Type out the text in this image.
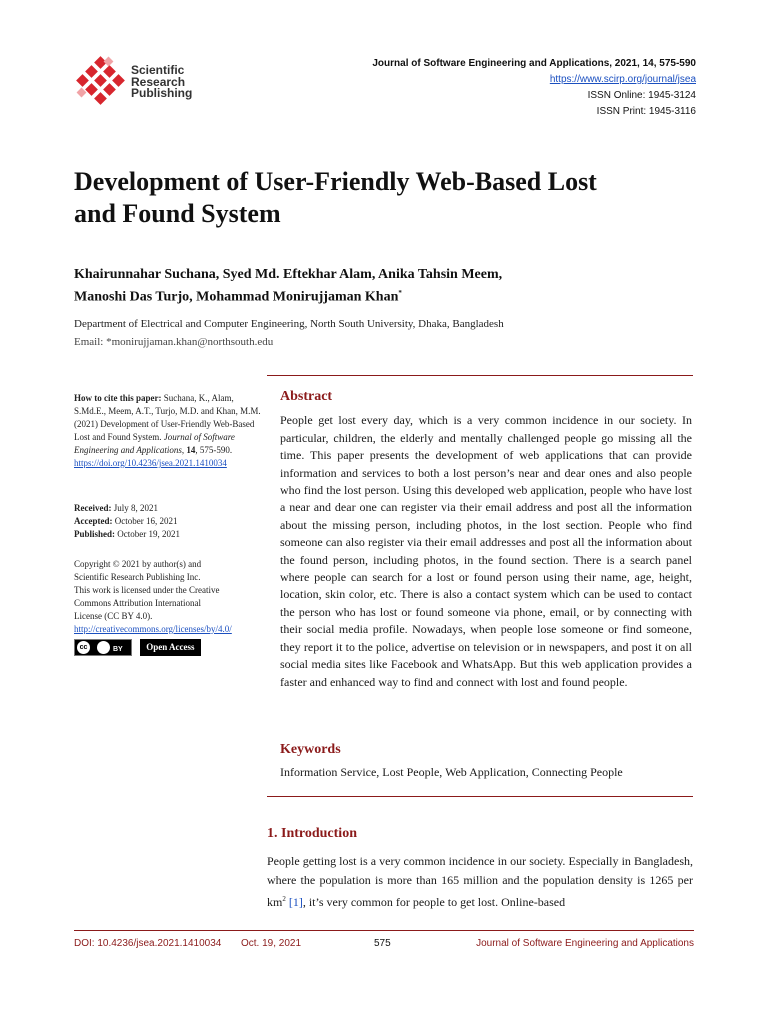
Scientific
Research
Publishing
Journal of Software Engineering and Applications, 2021, 14, 575-590
https://www.scirp.org/journal/jsea
ISSN Online: 1945-3124
ISSN Print: 1945-3116
Development of User-Friendly Web-Based Lost
and Found System
Khairunnahar Suchana, Syed Md. Eftekhar Alam, Anika Tahsin Meem,
Manoshi Das Turjo, Mohammad Monirujjaman Khan*
Department of Electrical and Computer Engineering, North South University, Dhaka, Bangladesh
Email: *monirujjaman.khan@northsouth.edu
How to cite this paper: Suchana, K., Alam, S.Md.E., Meem, A.T., Turjo, M.D. and Khan, M.M. (2021) Development of User-Friendly Web-Based Lost and Found System. Journal of Software Engineering and Applications, 14, 575-590.
https://doi.org/10.4236/jsea.2021.1410034
Received: July 8, 2021
Accepted: October 16, 2021
Published: October 19, 2021
Copyright © 2021 by author(s) and
Scientific Research Publishing Inc.
This work is licensed under the Creative
Commons Attribution International
License (CC BY 4.0).
http://creativecommons.org/licenses/by/4.0/
cc	BY	Open Access
Abstract
People get lost every day, which is a very common incidence in our society. In particular, children, the elderly and mentally challenged people go missing all the time. This paper presents the development of web applications that can provide information and services to both a lost person’s near and dear ones and also people who find the lost person. Using this developed web application, people who have lost a near and dear one can register via their email address and post all the information about the missing person, including photos, in the lost section. People who find someone can also register via their email addresses and post all the information about the found person, including photos, in the found section. There is a search panel where people can search for a lost or found person using their name, age, height, location, skin color, etc. There is also a contact system which can be used to contact the person who has lost or found someone via phone, email, or by connecting with their social media profile. Nowadays, when people lose someone or find someone, they report it to the police, advertise on television or in newspapers, and post it on all social media sites like Facebook and WhatsApp. But this web application provides a faster and enhanced way to find and connect with lost and found people.
Keywords
Information Service, Lost People, Web Application, Connecting People
1. Introduction
People getting lost is a very common incidence in our society. Especially in Bangladesh, where the population is more than 165 million and the population density is 1265 per $km^2$ [1], it’s very common for people to get lost. Online-based
DOI: 10.4236/jsea.2021.1410034 Oct. 19, 2021	575	Journal of Software Engineering and Applications
